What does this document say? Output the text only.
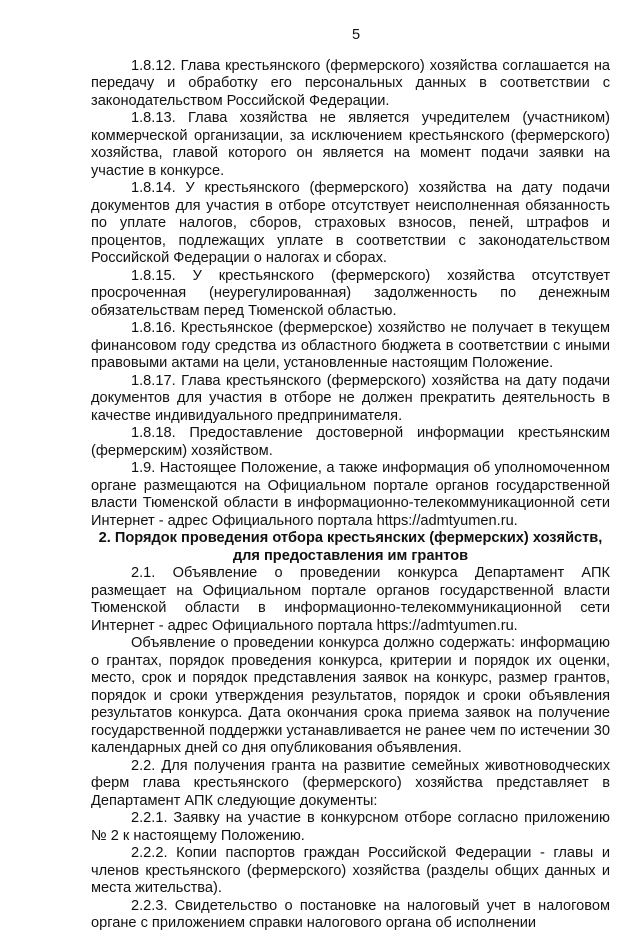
5

1.8.12. Глава крестьянского (фермерского) хозяйства соглашается на передачу и обработку его персональных данных в соответствии с законодательством Российской Федерации.

1.8.13. Глава хозяйства не является учредителем (участником) коммерческой организации, за исключением крестьянского (фермерского) хозяйства, главой которого он является на момент подачи заявки на участие в конкурсе.

1.8.14. У крестьянского (фермерского) хозяйства на дату подачи документов для участия в отборе отсутствует неисполненная обязанность по уплате налогов, сборов, страховых взносов, пеней, штрафов и процентов, подлежащих уплате в соответствии с законодательством Российской Федерации о налогах и сборах.

1.8.15. У крестьянского (фермерского) хозяйства отсутствует просроченная (неурегулированная) задолженность по денежным обязательствам перед Тюменской областью.

1.8.16. Крестьянское (фермерское) хозяйство не получает в текущем финансовом году средства из областного бюджета в соответствии с иными правовыми актами на цели, установленные настоящим Положение.

1.8.17. Глава крестьянского (фермерского) хозяйства на дату подачи документов для участия в отборе не должен прекратить деятельность в качестве индивидуального предпринимателя.

1.8.18. Предоставление достоверной информации крестьянским (фермерским) хозяйством.

1.9. Настоящее Положение, а также информация об уполномоченном органе размещаются на Официальном портале органов государственной власти Тюменской области в информационно-телекоммуникационной сети Интернет - адрес Официального портала https://admtyumen.ru.

2. Порядок проведения отбора крестьянских (фермерских) хозяйств,
для предоставления им грантов

2.1. Объявление о проведении конкурса Департамент АПК размещает на Официальном портале органов государственной власти Тюменской области в информационно-телекоммуникационной сети Интернет - адрес Официального портала https://admtyumen.ru.

Объявление о проведении конкурса должно содержать: информацию о грантах, порядок проведения конкурса, критерии и порядок их оценки, место, срок и порядок представления заявок на конкурс, размер грантов, порядок и сроки утверждения результатов, порядок и сроки объявления результатов конкурса. Дата окончания срока приема заявок на получение государственной поддержки устанавливается не ранее чем по истечении 30 календарных дней со дня опубликования объявления.

2.2. Для получения гранта на развитие семейных животноводческих ферм глава крестьянского (фермерского) хозяйства представляет в Департамент АПК следующие документы:

2.2.1. Заявку на участие в конкурсном отборе согласно приложению № 2 к настоящему Положению.

2.2.2. Копии паспортов граждан Российской Федерации - главы и членов крестьянского (фермерского) хозяйства (разделы общих данных и места жительства).

2.2.3. Свидетельство о постановке на налоговый учет в налоговом органе с приложением справки налогового органа об исполнении
